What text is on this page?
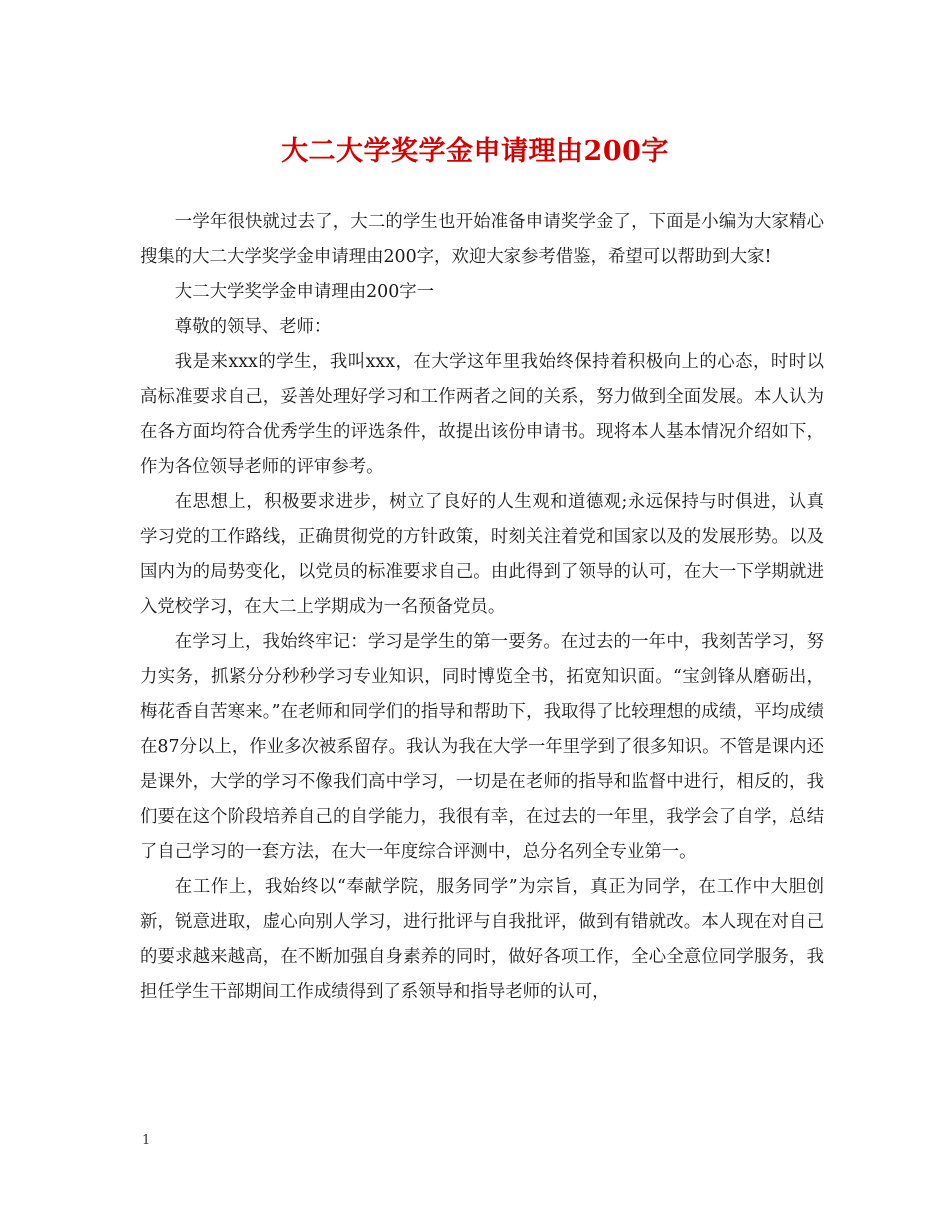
大二大学奖学金申请理由200字

一学年很快就过去了，大二的学生也开始准备申请奖学金了，下面是小编为大家精心搜集的大二大学奖学金申请理由200字，欢迎大家参考借鉴，希望可以帮助到大家!

大二大学奖学金申请理由200字一

尊敬的领导、老师：

我是来xxx的学生，我叫xxx，在大学这年里我始终保持着积极向上的心态，时时以高标准要求自己，妥善处理好学习和工作两者之间的关系，努力做到全面发展。本人认为在各方面均符合优秀学生的评选条件，故提出该份申请书。现将本人基本情况介绍如下，作为各位领导老师的评审参考。

在思想上，积极要求进步，树立了良好的人生观和道德观;永远保持与时俱进，认真学习党的工作路线，正确贯彻党的方针政策，时刻关注着党和国家以及的发展形势。以及国内为的局势变化，以党员的标准要求自己。由此得到了领导的认可，在大一下学期就进入党校学习，在大二上学期成为一名预备党员。

在学习上，我始终牢记：学习是学生的第一要务。在过去的一年中，我刻苦学习，努力实务，抓紧分分秒秒学习专业知识，同时博览全书，拓宽知识面。“宝剑锋从磨砺出，梅花香自苦寒来。”在老师和同学们的指导和帮助下，我取得了比较理想的成绩，平均成绩在87分以上，作业多次被系留存。我认为我在大学一年里学到了很多知识。不管是课内还是课外，大学的学习不像我们高中学习，一切是在老师的指导和监督中进行，相反的，我们要在这个阶段培养自己的自学能力，我很有幸，在过去的一年里，我学会了自学，总结了自己学习的一套方法，在大一年度综合评测中，总分名列全专业第一。

在工作上，我始终以“奉献学院，服务同学”为宗旨，真正为同学，在工作中大胆创新，锐意进取，虚心向别人学习，进行批评与自我批评，做到有错就改。本人现在对自己的要求越来越高，在不断加强自身素养的同时，做好各项工作，全心全意位同学服务，我担任学生干部期间工作成绩得到了系领导和指导老师的认可，

1
